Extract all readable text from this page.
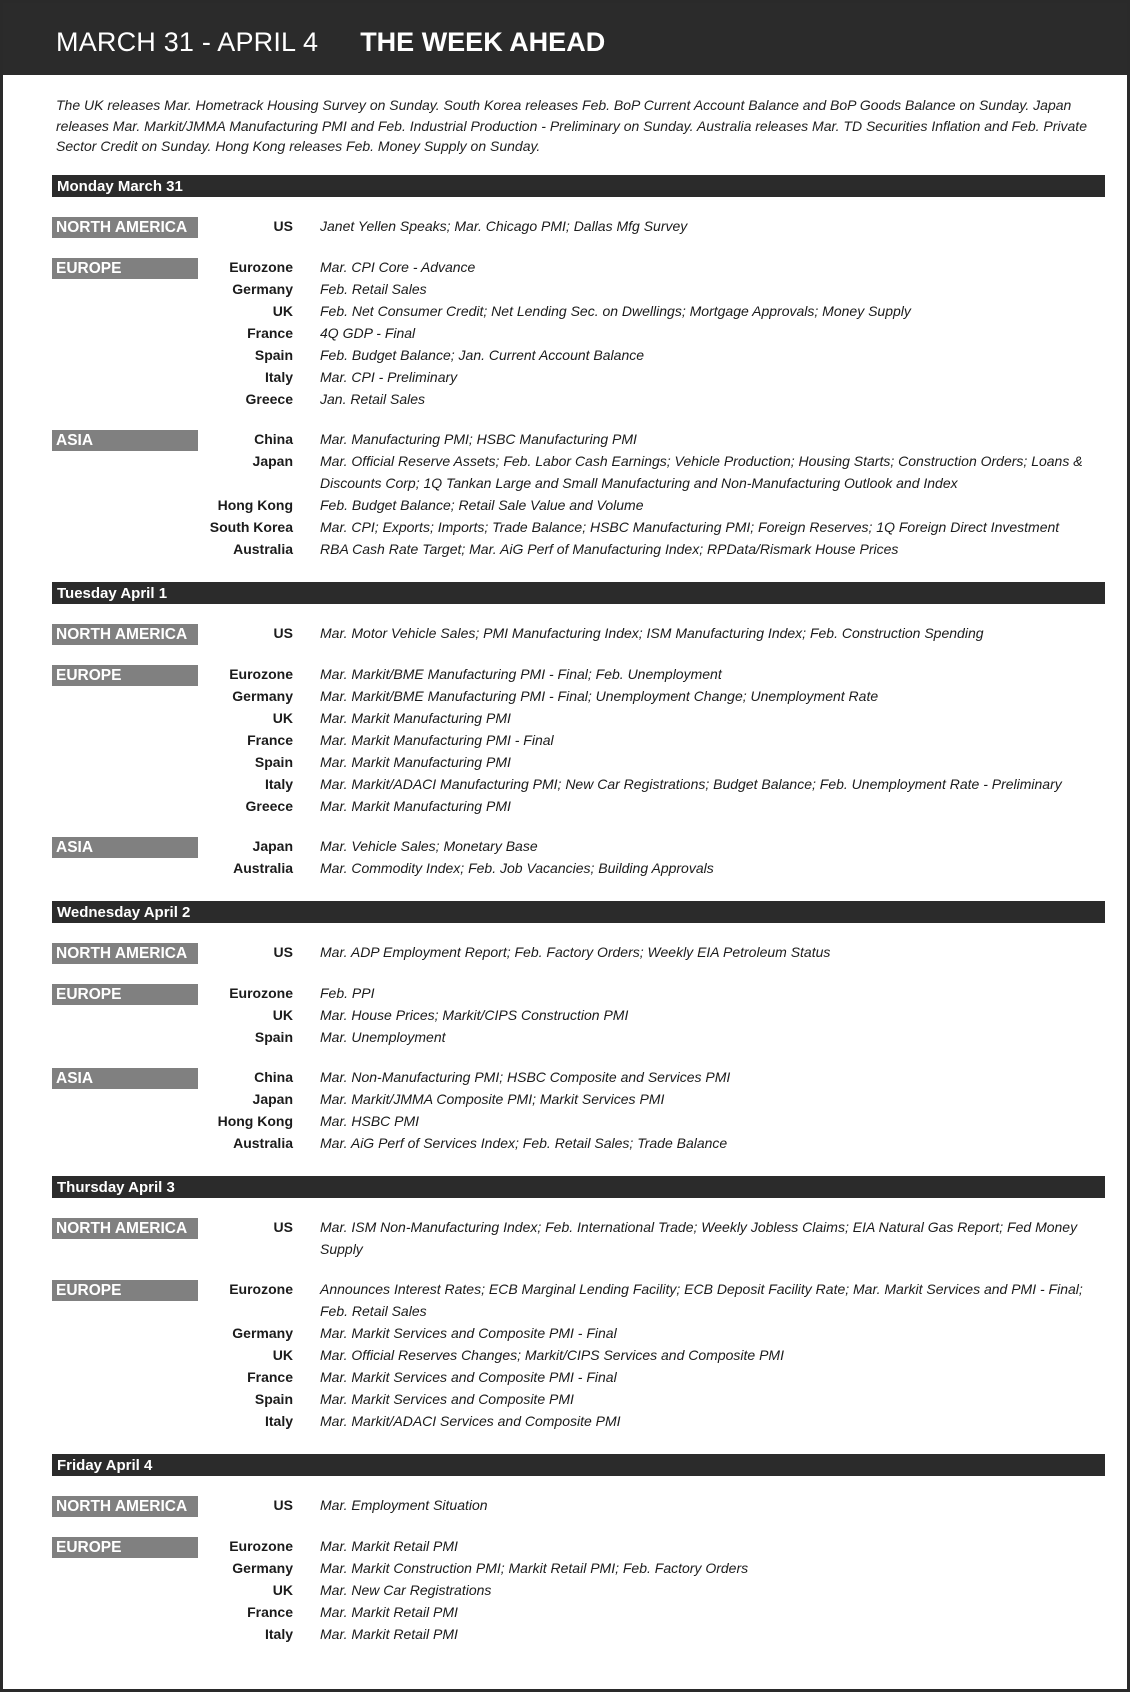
MARCH 31 - APRIL 4 THE WEEK AHEAD

The UK releases Mar. Hometrack Housing Survey on Sunday. South Korea releases Feb. BoP Current Account Balance and BoP Goods Balance on Sunday. Japan releases Mar. Markit/JMMA Manufacturing PMI and Feb. Industrial Production - Preliminary on Sunday. Australia releases Mar. TD Securities Inflation and Feb. Private Sector Credit on Sunday. Hong Kong releases Feb. Money Supply on Sunday.

Monday March 31
NORTH AMERICA	US Janet Yellen Speaks; Mar. Chicago PMI; Dallas Mfg Survey
EUROPE	Eurozone Mar. CPI Core - Advance
Germany Feb. Retail Sales
UK Feb. Net Consumer Credit; Net Lending Sec. on Dwellings; Mortgage Approvals; Money Supply
France 4Q GDP - Final
Spain Feb. Budget Balance; Jan. Current Account Balance
Italy Mar. CPI - Preliminary
Greece Jan. Retail Sales
ASIA	China Mar. Manufacturing PMI; HSBC Manufacturing PMI
Japan Mar. Official Reserve Assets; Feb. Labor Cash Earnings; Vehicle Production; Housing Starts; Construction Orders; Loans & Discounts Corp; 1Q Tankan Large and Small Manufacturing and Non-Manufacturing Outlook and Index
Hong Kong Feb. Budget Balance; Retail Sale Value and Volume
South Korea Mar. CPI; Exports; Imports; Trade Balance; HSBC Manufacturing PMI; Foreign Reserves; 1Q Foreign Direct Investment
Australia RBA Cash Rate Target; Mar. AiG Perf of Manufacturing Index; RPData/Rismark House Prices
Tuesday April 1
NORTH AMERICA	US Mar. Motor Vehicle Sales; PMI Manufacturing Index; ISM Manufacturing Index; Feb. Construction Spending
EUROPE	Eurozone Mar. Markit/BME Manufacturing PMI - Final; Feb. Unemployment
Germany Mar. Markit/BME Manufacturing PMI - Final; Unemployment Change; Unemployment Rate
UK Mar. Markit Manufacturing PMI
France Mar. Markit Manufacturing PMI - Final
Spain Mar. Markit Manufacturing PMI
Italy Mar. Markit/ADACI Manufacturing PMI; New Car Registrations; Budget Balance; Feb. Unemployment Rate - Preliminary
Greece Mar. Markit Manufacturing PMI
ASIA	Japan Mar. Vehicle Sales; Monetary Base
Australia Mar. Commodity Index; Feb. Job Vacancies; Building Approvals
Wednesday April 2
NORTH AMERICA	US Mar. ADP Employment Report; Feb. Factory Orders; Weekly EIA Petroleum Status
EUROPE	Eurozone Feb. PPI
UK Mar. House Prices; Markit/CIPS Construction PMI
Spain Mar. Unemployment
ASIA	China Mar. Non-Manufacturing PMI; HSBC Composite and Services PMI
Japan Mar. Markit/JMMA Composite PMI; Markit Services PMI
Hong Kong Mar. HSBC PMI
Australia Mar. AiG Perf of Services Index; Feb. Retail Sales; Trade Balance
Thursday April 3
NORTH AMERICA	US Mar. ISM Non-Manufacturing Index; Feb. International Trade; Weekly Jobless Claims; EIA Natural Gas Report; Fed Money Supply
EUROPE	Eurozone Announces Interest Rates; ECB Marginal Lending Facility; ECB Deposit Facility Rate; Mar. Markit Services and PMI - Final; Feb. Retail Sales
Germany Mar. Markit Services and Composite PMI - Final
UK Mar. Official Reserves Changes; Markit/CIPS Services and Composite PMI
France Mar. Markit Services and Composite PMI - Final
Spain Mar. Markit Services and Composite PMI
Italy Mar. Markit/ADACI Services and Composite PMI
Friday April 4
NORTH AMERICA	US Mar. Employment Situation
EUROPE	Eurozone Mar. Markit Retail PMI
Germany Mar. Markit Construction PMI; Markit Retail PMI; Feb. Factory Orders
UK Mar. New Car Registrations
France Mar. Markit Retail PMI
Italy Mar. Markit Retail PMI
